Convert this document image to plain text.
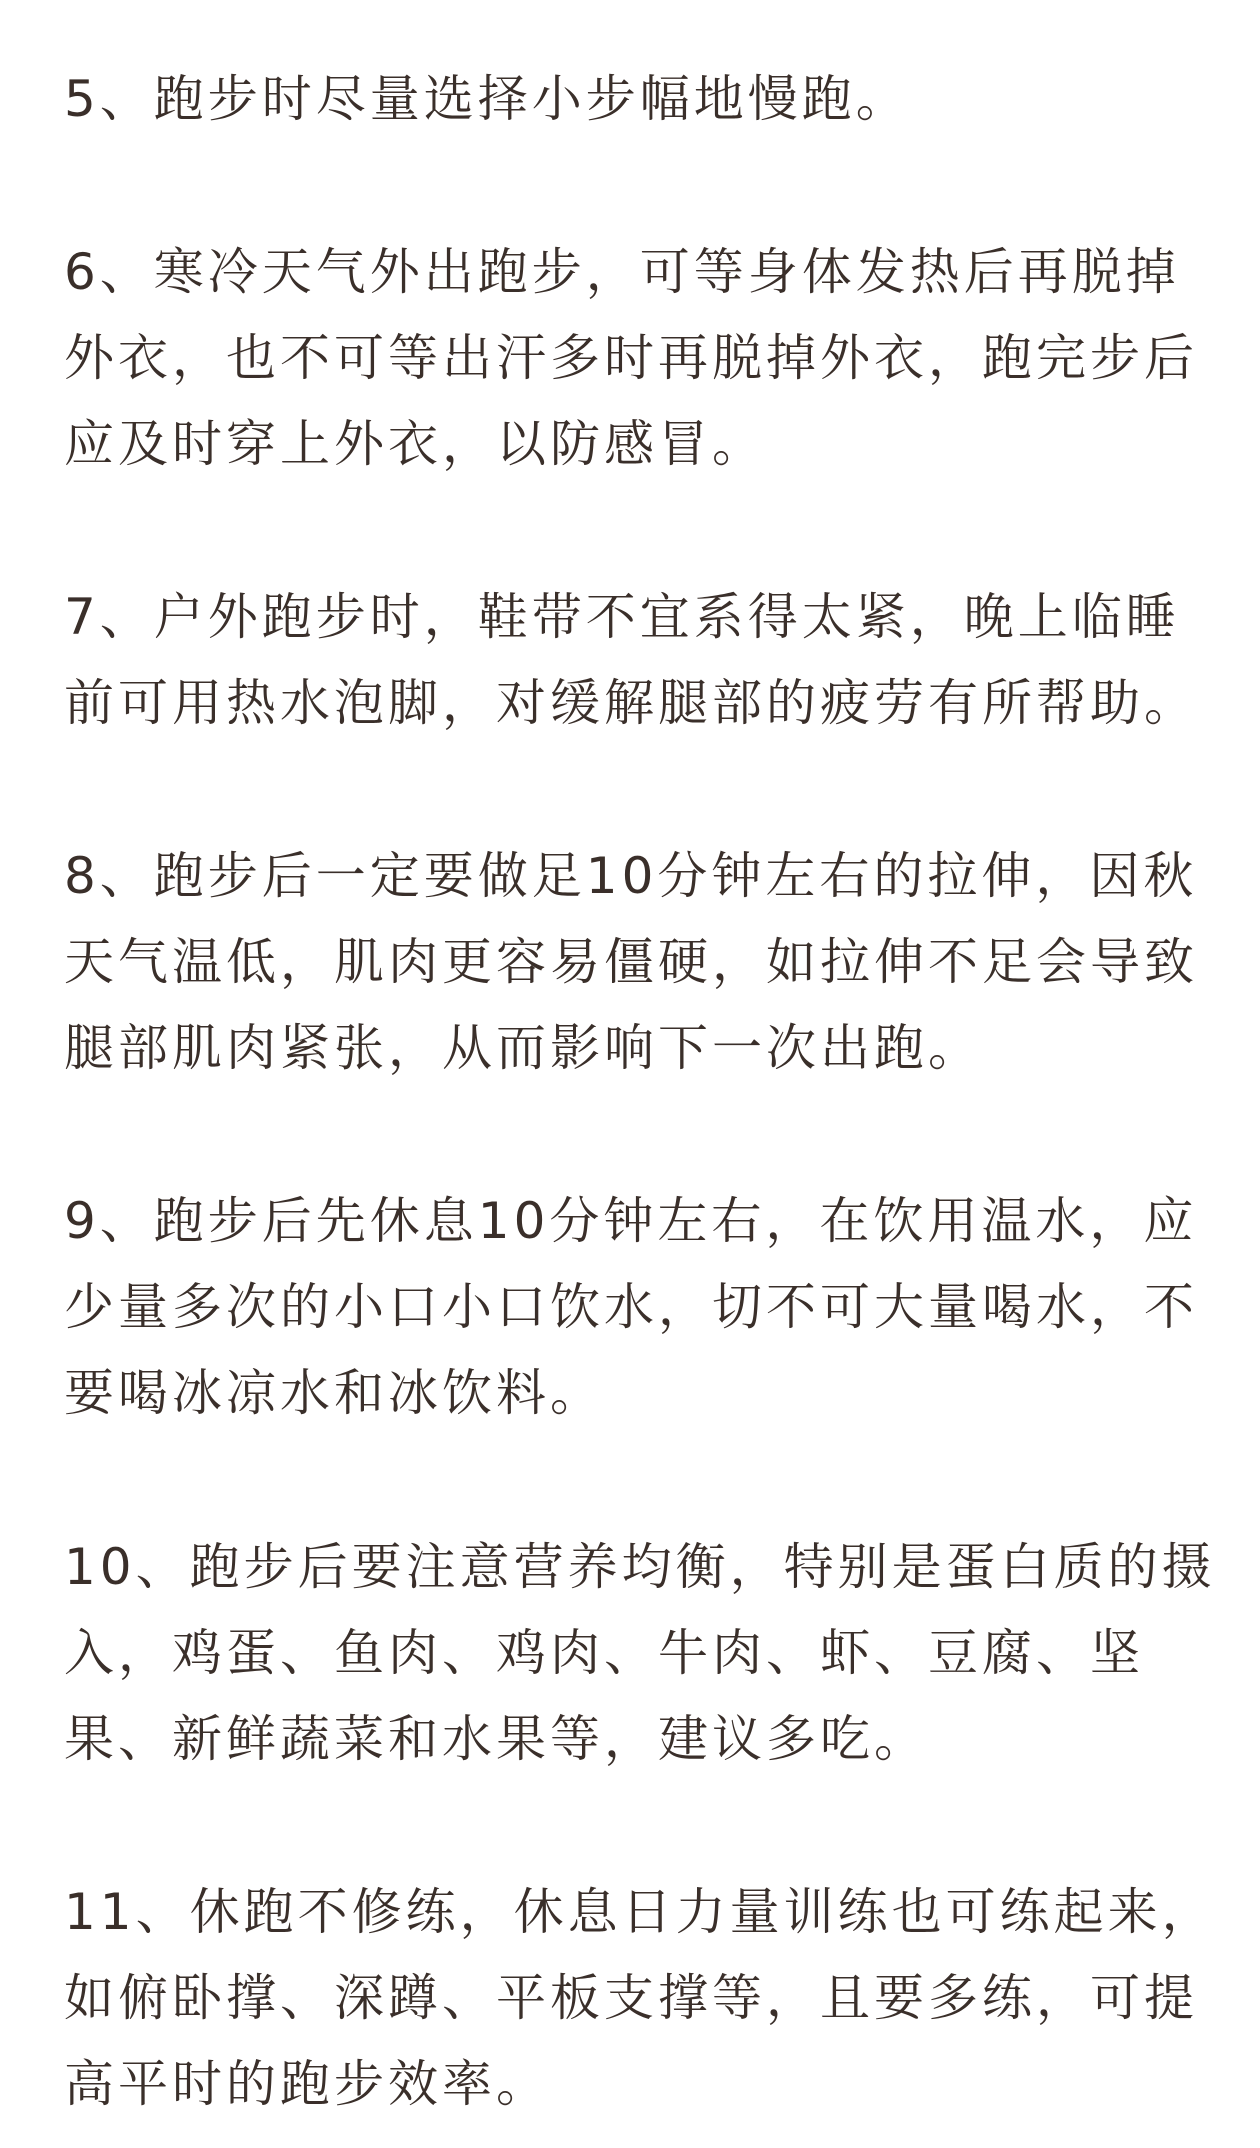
5、跑步时尽量选择小步幅地慢跑。

6、寒冷天气外出跑步，可等身体发热后再脱掉
外衣，也不可等出汗多时再脱掉外衣，跑完步后
应及时穿上外衣，以防感冒。

7、户外跑步时，鞋带不宜系得太紧，晚上临睡
前可用热水泡脚，对缓解腿部的疲劳有所帮助。

8、跑步后一定要做足10分钟左右的拉伸，因秋
天气温低，肌肉更容易僵硬，如拉伸不足会导致
腿部肌肉紧张，从而影响下一次出跑。

9、跑步后先休息10分钟左右，在饮用温水，应
少量多次的小口小口饮水，切不可大量喝水，不
要喝冰凉水和冰饮料。

10、跑步后要注意营养均衡，特别是蛋白质的摄
入，鸡蛋、鱼肉、鸡肉、牛肉、虾、豆腐、坚
果、新鲜蔬菜和水果等，建议多吃。

11、休跑不修练，休息日力量训练也可练起来，
如俯卧撑、深蹲、平板支撑等，且要多练，可提
高平时的跑步效率。
